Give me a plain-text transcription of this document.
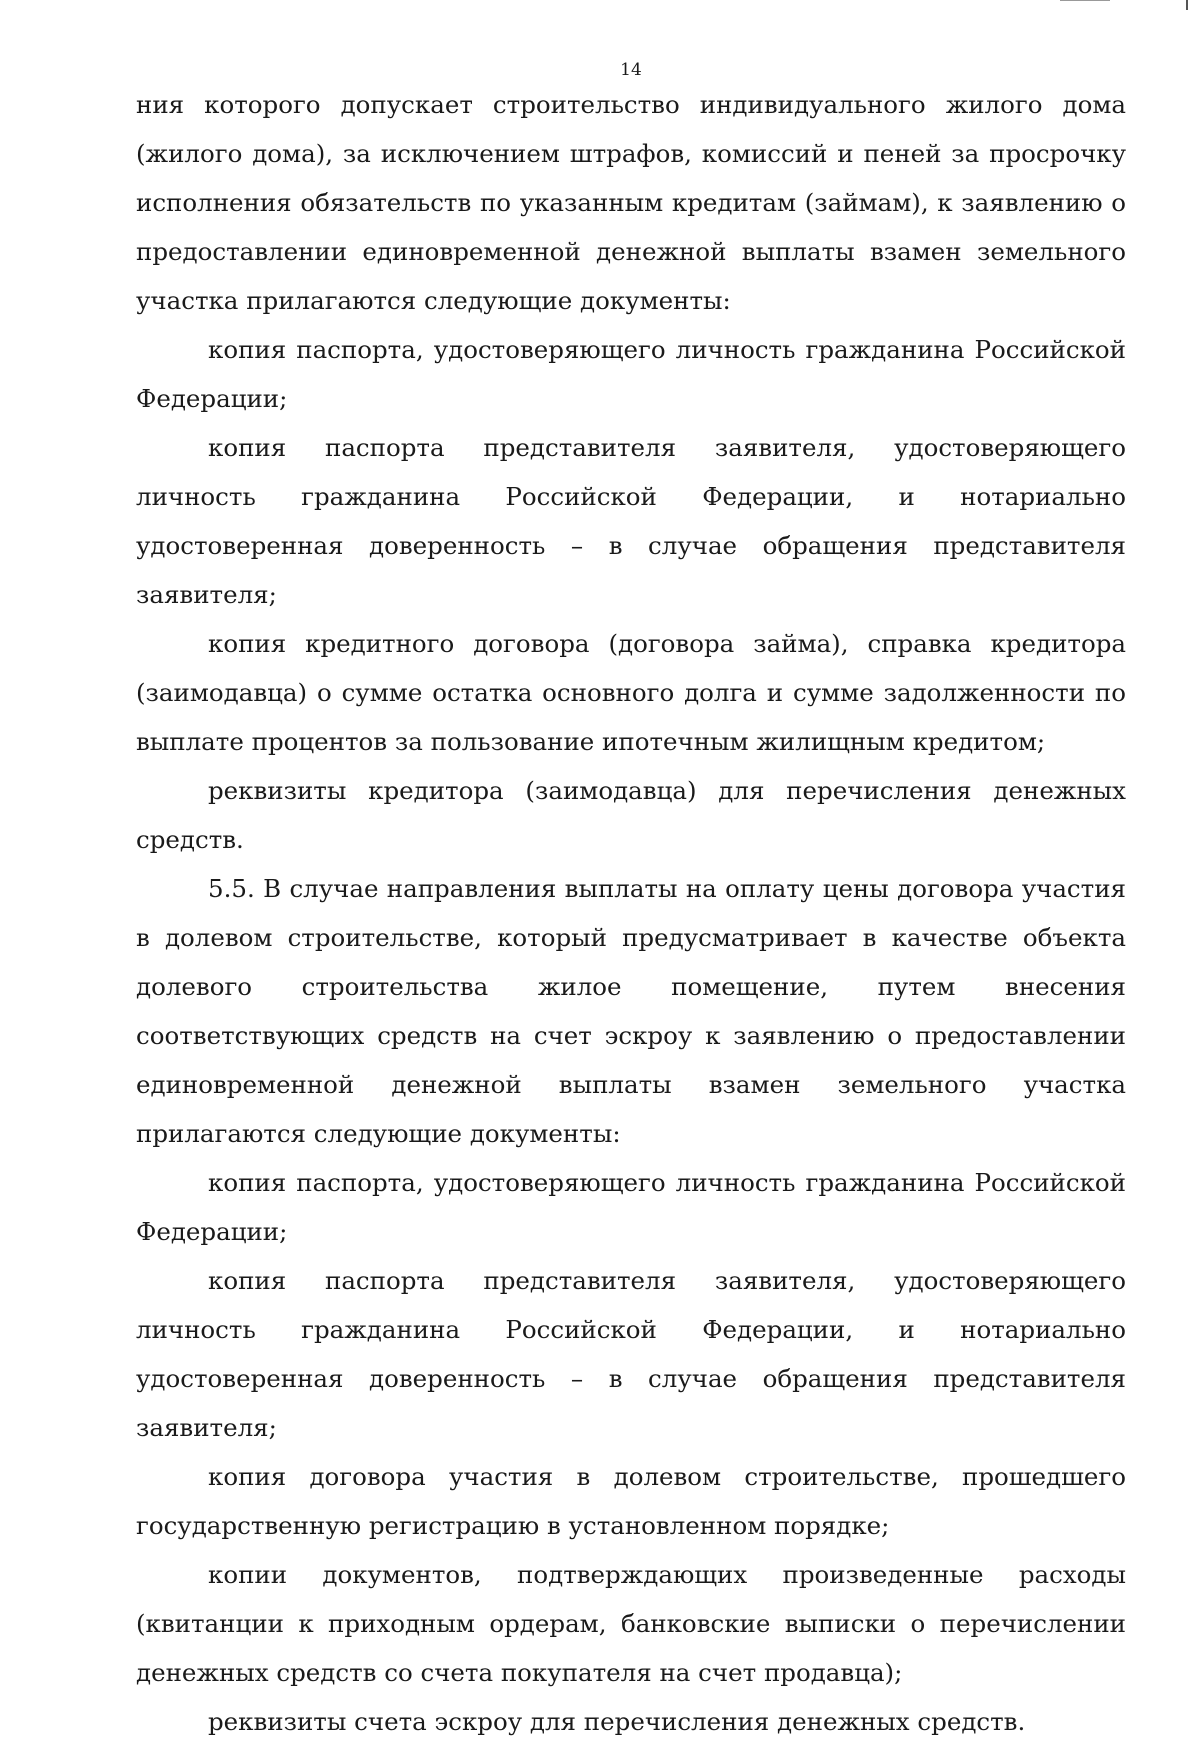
14

ния которого допускает строительство индивидуального жилого дома (жилого дома), за исключением штрафов, комиссий и пеней за просрочку исполнения обязательств по указанным кредитам (займам), к заявлению о предоставлении единовременной денежной выплаты взамен земельного участка прилагаются следующие документы:

копия паспорта, удостоверяющего личность гражданина Российской Федерации;

копия паспорта представителя заявителя, удостоверяющего личность гражданина Российской Федерации, и нотариально удостоверенная доверенность – в случае обращения представителя заявителя;

копия кредитного договора (договора займа), справка кредитора (заимодавца) о сумме остатка основного долга и сумме задолженности по выплате процентов за пользование ипотечным жилищным кредитом;

реквизиты кредитора (заимодавца) для перечисления денежных средств.

5.5. В случае направления выплаты на оплату цены договора участия в долевом строительстве, который предусматривает в качестве объекта долевого строительства жилое помещение, путем внесения соответствующих средств на счет эскроу к заявлению о предоставлении единовременной денежной выплаты взамен земельного участка прилагаются следующие документы:

копия паспорта, удостоверяющего личность гражданина Российской Федерации;

копия паспорта представителя заявителя, удостоверяющего личность гражданина Российской Федерации, и нотариально удостоверенная доверенность – в случае обращения представителя заявителя;

копия договора участия в долевом строительстве, прошедшего государственную регистрацию в установленном порядке;

копии документов, подтверждающих произведенные расходы (квитанции к приходным ордерам, банковские выписки о перечислении денежных средств со счета покупателя на счет продавца);

реквизиты счета эскроу для перечисления денежных средств.
